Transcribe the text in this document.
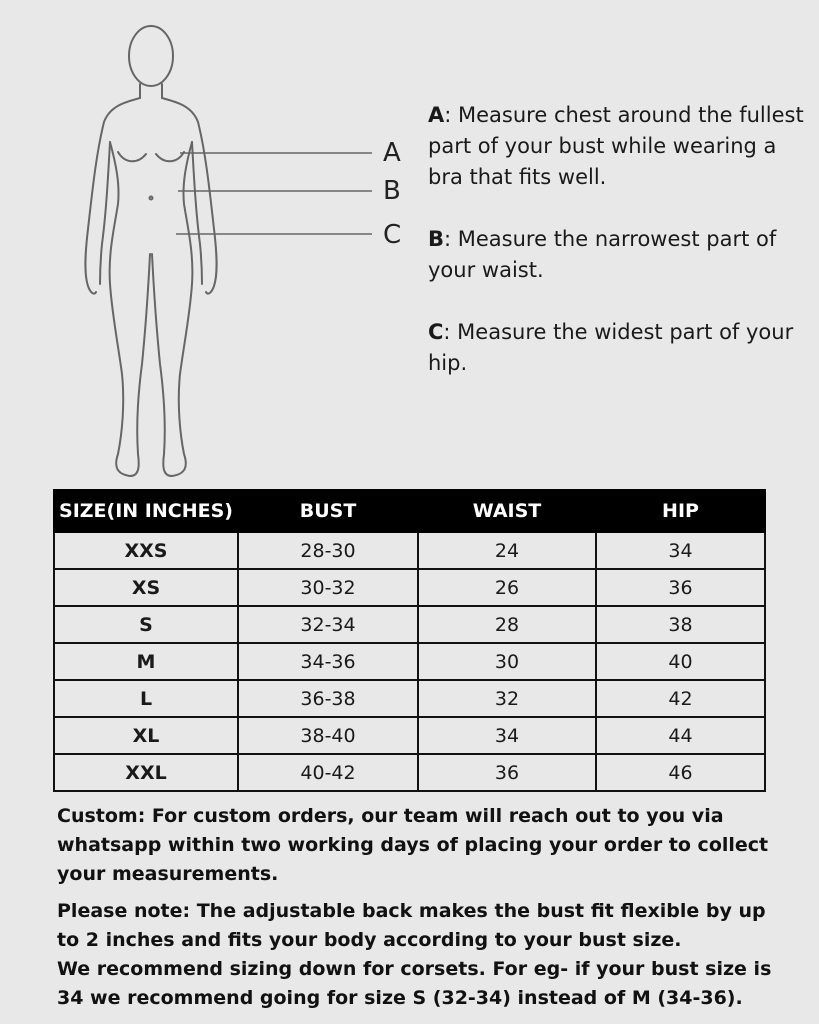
A
B
C

A: Measure chest around the fullest part of your bust while wearing a bra that fits well.

B: Measure the narrowest part of your waist.

C: Measure the widest part of your hip.

SIZE(IN INCHES)	BUST	WAIST	HIP
XXS	28-30	24	34
XS	30-32	26	36
S	32-34	28	38
M	34-36	30	40
L	36-38	32	42
XL	38-40	34	44
XXL	40-42	36	46
Custom: For custom orders, our team will reach out to you via whatsapp within two working days of placing your order to collect your measurements.
Please note: The adjustable back makes the bust fit flexible by up to 2 inches and fits your body according to your bust size.
We recommend sizing down for corsets. For eg- if your bust size is 34 we recommend going for size S (32-34) instead of M (34-36).
